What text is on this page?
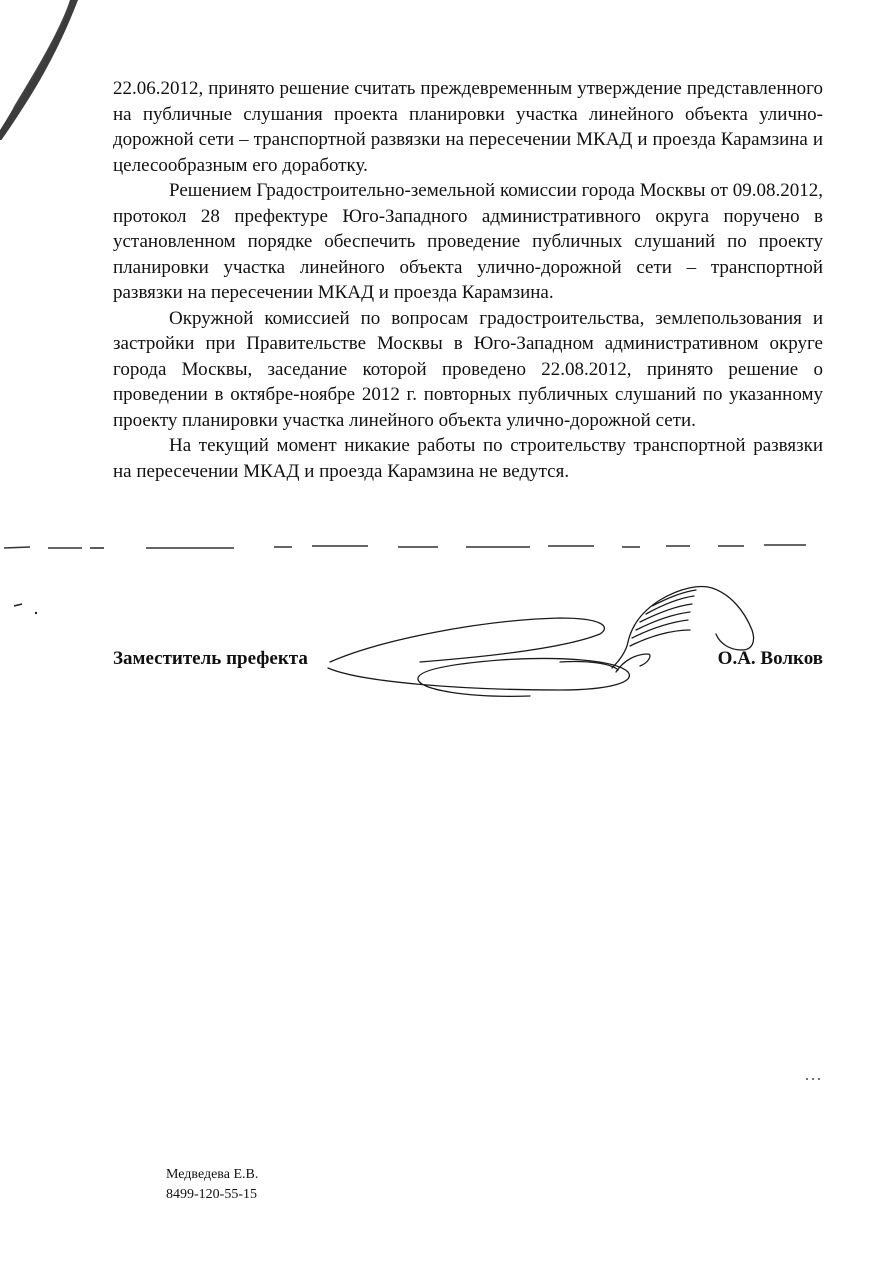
22.06.2012, принято решение считать преждевременным утверждение представленного на публичные слушания проекта планировки участка линейного объекта улично-дорожной сети – транспортной развязки на пересечении МКАД и проезда Карамзина и целесообразным его доработку.

Решением Градостроительно-земельной комиссии города Москвы от 09.08.2012, протокол 28 префектуре Юго-Западного административного округа поручено в установленном порядке обеспечить проведение публичных слушаний по проекту планировки участка линейного объекта улично-дорожной сети – транспортной развязки на пересечении МКАД и проезда Карамзина.

Окружной комиссией по вопросам градостроительства, землепользования и застройки при Правительстве Москвы в Юго-Западном административном округе города Москвы, заседание которой проведено 22.08.2012, принято решение о проведении в октябре-ноябре 2012 г. повторных публичных слушаний по указанному проекту планировки участка линейного объекта улично-дорожной сети.

На текущий момент никакие работы по строительству транспортной развязки на пересечении МКАД и проезда Карамзина не ведутся.

Заместитель префекта	О.А. Волков
Медведева Е.В.
8499-120-55-15
